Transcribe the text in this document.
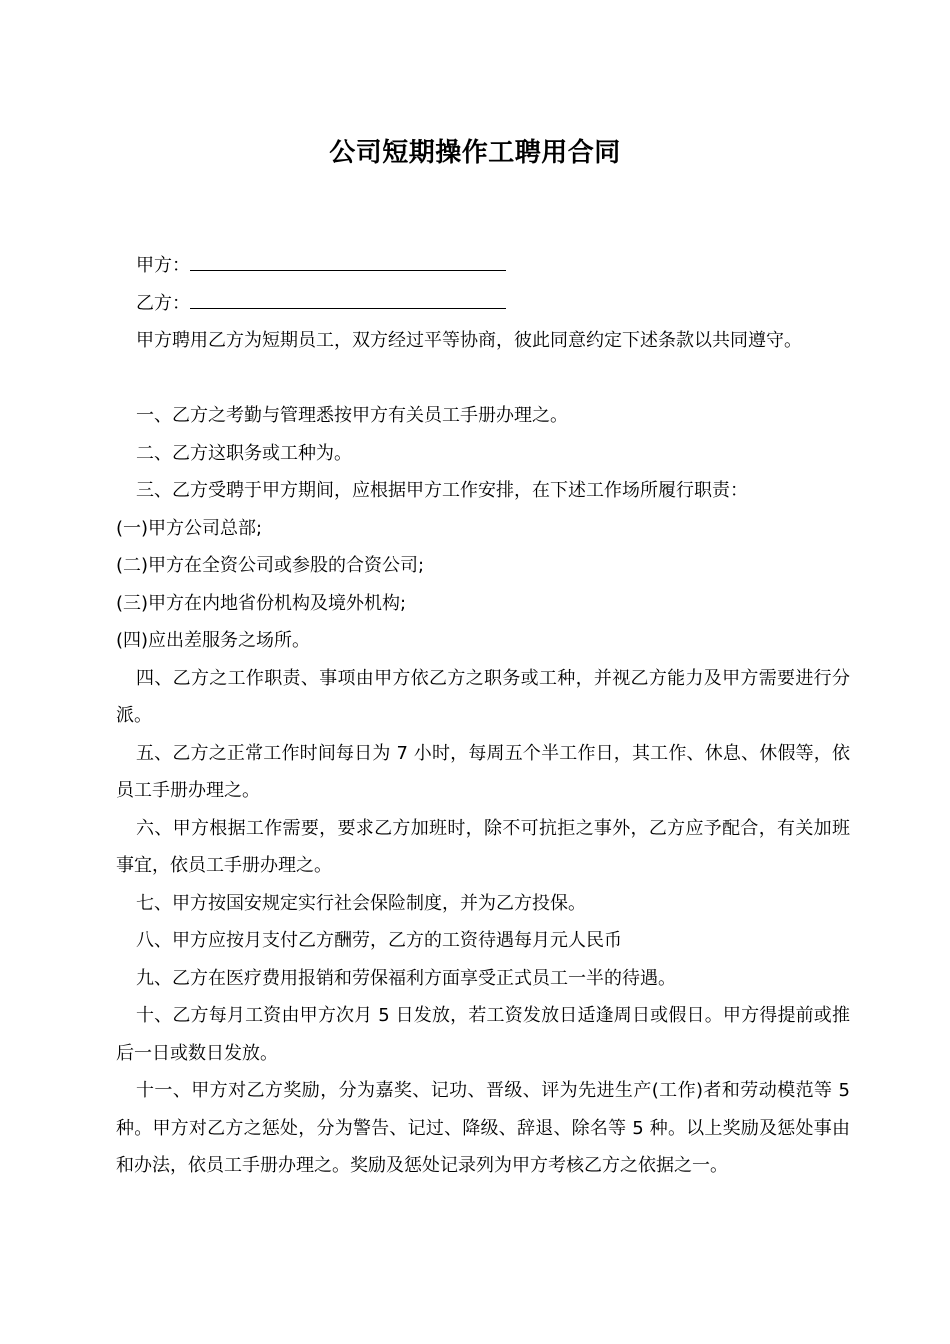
公司短期操作工聘用合同

甲方：

乙方：

甲方聘用乙方为短期员工，双方经过平等协商，彼此同意约定下述条款以共同遵守。

一、乙方之考勤与管理悉按甲方有关员工手册办理之。

二、乙方这职务或工种为。

三、乙方受聘于甲方期间，应根据甲方工作安排，在下述工作场所履行职责：

(一)甲方公司总部;

(二)甲方在全资公司或参股的合资公司;

(三)甲方在内地省份机构及境外机构;

(四)应出差服务之场所。

四、乙方之工作职责、事项由甲方依乙方之职务或工种，并视乙方能力及甲方需要进行分派。

五、乙方之正常工作时间每日为 7 小时，每周五个半工作日，其工作、休息、休假等，依员工手册办理之。

六、甲方根据工作需要，要求乙方加班时，除不可抗拒之事外，乙方应予配合，有关加班事宜，依员工手册办理之。

七、甲方按国安规定实行社会保险制度，并为乙方投保。

八、甲方应按月支付乙方酬劳，乙方的工资待遇每月元人民币

九、乙方在医疗费用报销和劳保福利方面享受正式员工一半的待遇。

十、乙方每月工资由甲方次月 5 日发放，若工资发放日适逢周日或假日。甲方得提前或推后一日或数日发放。

十一、甲方对乙方奖励，分为嘉奖、记功、晋级、评为先进生产(工作)者和劳动模范等 5 种。甲方对乙方之惩处，分为警告、记过、降级、辞退、除名等 5 种。以上奖励及惩处事由和办法，依员工手册办理之。奖励及惩处记录列为甲方考核乙方之依据之一。
